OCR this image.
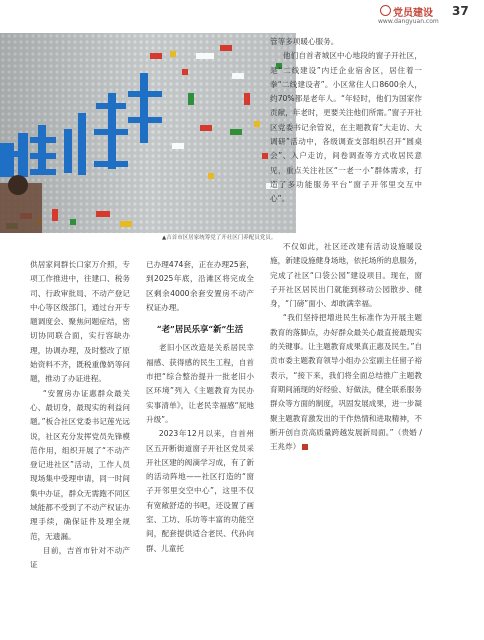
党员建设
www.dangyuan.com
37
▲吉首市区居家统筹党了开社区门养配员党员。

供居家间群长口家万介照，专项工作推进中，往建口、税务司、行政审批局、不动产登记中心等区级部门，通过台开专题调度会、聚焦问题症结，密切协同联合面，实行容缺办理，协调办理，及时整改了原始资料不齐，既税重像奶等问题，推动了办证进程。

“安置房办证惠群众最关心、最切身，最现实的利益问题。”板合社区党委书记莲光远说，社区充分发挥党员先锋模范作用，组织开展了“不动产登记进社区”活动，工作人员现场集中受理申请，同一时间集中办证，群众无需跑不同区域能都不受到了不动产权证办理手续，确保证件及理全规范，无遗漏。

目前，吉首市针对不动产证

已办理474套，正在办理25套，到2025年底，沿滩区将完成全区剩余4000余套安置房不动产权证办理。

“老”居民乐享“新”生活

老旧小区改造是关系居民幸福感、获得感的民生工程，自首市把“综合整治提升一批老旧小区环境”列入《主题教育为民办实事清单》，让老民幸福感“屁地升级”。

2023年12月以来，自首州区五开断街道窗子开社区党员采开社区建的阀滴学习成，有了新的活动阵地——社区打造的“窗子开邻里交空中心”，这里不仅有宽敞舒适的书吧，还设置了画室、工坊、乐坊等丰富的功能空间，配套提供适合老民、代孙向群、儿童托

管等多项暖心服务。

他们自首者城区中心地段的窗子开社区，是“二线建设”内迁企业宿舍区，居住着一拳“二线建设者”。小区常住人口8600余人，约70%都是老年人。“年轻时，他们为国家作贡献，年老时，更要关注他们所需。”窗子开社区党委书记余管说，在主题教育“大走访、大调研”活动中，各级调查支部组织召开“圆桌会”、入户走访，间卷调查等方式收居民意见，重点关注社区“一老一小”群体需求，打造了多功能服务平台“窗子开邻里交互中心”。

不仅如此，社区还改建有活动设施暖设施，新建设施健身场地，依托场所的息服务，完成了社区“口袋公园”建设项目。现在，窗子开社区居民出门就能到移动公园散步、健身，“门磅”面小、却敢满幸福。

“我们坚持把增进民生标准作为开展主题教育的落脚点，办好群众最关心最直接最现实的关键事。让主题教育成果真正惠及民生。”自贡市委主题教育领导小组办公室副主任留子裕表示，“接下来，我们将全面总结推广主题教育期间涌现的好经验、好做法，健全联系服务群众等方面的制度，巩固发展成果，进一步凝聚主题教育激发出的干作热情和进取精神，不断开创自贡高质量跨越发展新局面。”（贵婚 / 王兆炸）
